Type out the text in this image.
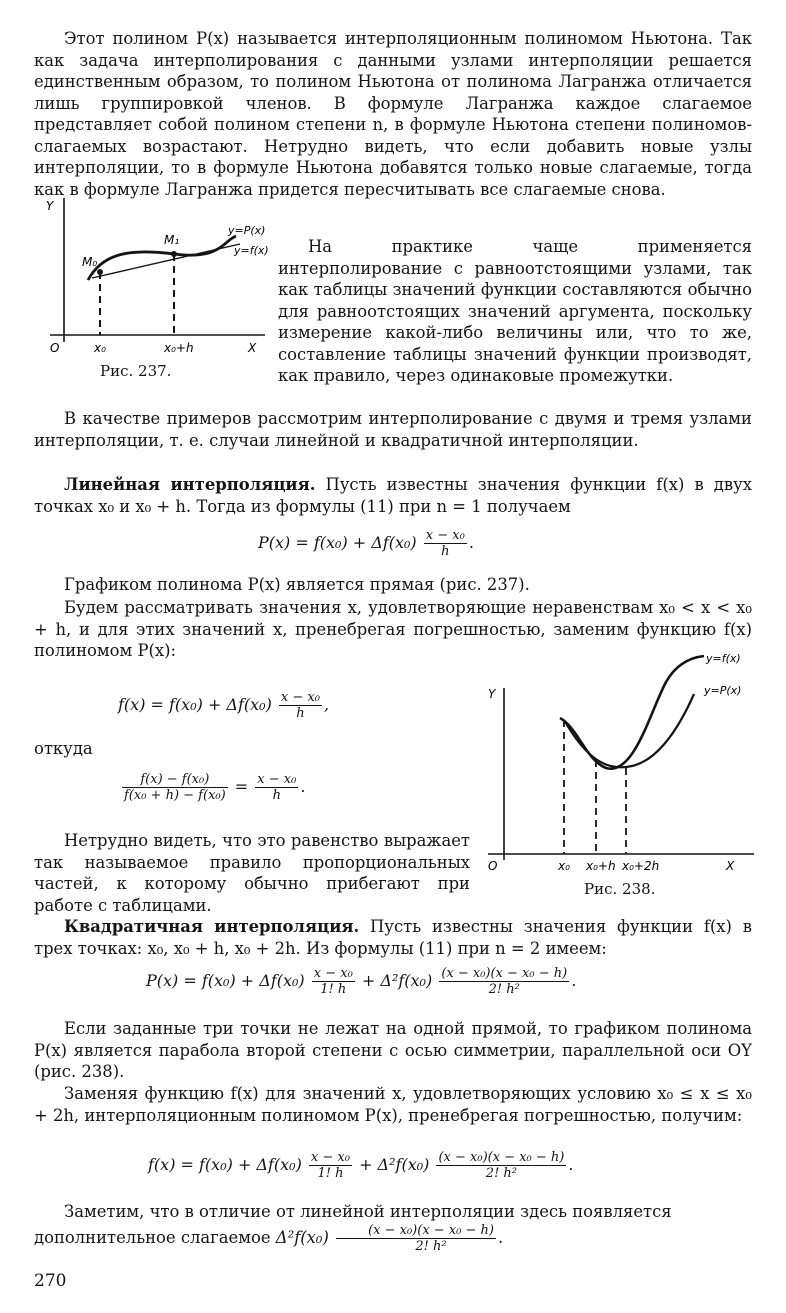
Этот полином P(x) называется интерполяционным полиномом Ньютона. Так как задача интерполирования с данными узлами интерполяции решается единственным образом, то полином Ньютона от полинома Лагранжа отличается лишь группировкой членов. В формуле Лагранжа каждое слагаемое представляет собой полином степени n, в формуле Ньютона степени полиномов-слагаемых возрастают. Нетрудно видеть, что если добавить новые узлы интерполяции, то в формуле Ньютона добавятся только новые слагаемые, тогда как в формуле Лагранжа придется пересчитывать все слагаемые снова.

Y
M₀
M₁
y=P(x)
y=f(x)
O	x₀	x₀+h	X
Рис. 237.

На практике чаще применяется интерполирование с равноотстоящими узлами, так как таблицы значений функции составляются обычно для равноотстоящих значений аргумента, поскольку измерение какой-либо величины или, что то же, составление таблицы значений функции производят, как правило, через одинаковые промежутки.

В качестве примеров рассмотрим интерполирование с двумя и тремя узлами интерполяции, т. е. случаи линейной и квадратичной интерполяции.

Линейная интерполяция. Пусть известны значения функции f(x) в двух точках x₀ и x₀ + h. Тогда из формулы (11) при n = 1 получаем

$P(x) = f(x_0) + \Delta f(x_0) \frac{\text{x − x₀}}{h}$ .

Графиком полинома P(x) является прямая (рис. 237).

Будем рассматривать значения x, удовлетворяющие неравенствам x₀ < x < x₀ + h, и для этих значений x, пренебрегая погрешностью, заменим функцию f(x) полиномом P(x):

$f(x) = f(x_0) + \Delta f(x_0) \frac{\text{x − x₀}}{h}$ ,

откуда

$\frac{\text{f(x) − f(x₀)}}{\text{f(x₀ + h) − f(x₀)}} = \frac{\text{x − x₀}}{h}$ .

Нетрудно видеть, что это равенство выражает так называемое правило пропорциональных частей, к которому обычно прибегают при работе с таблицами.

y=f(x)
y=P(x)
Y
O	x₀ x₀+h x₀+2h	X
Рис. 238.

Квадратичная интерполяция. Пусть известны значения функции f(x) в трех точках: x₀, x₀ + h, x₀ + 2h. Из формулы (11) при n = 2 имеем:

$P(x) = f(x_0) + \Delta f(x_0) \frac{\text{x − x₀}}{1! h} + \Delta^2f(x_0) \frac{\text{(x − x₀)(x − x₀ − h)}}{\text{2! h²}}$ .

Если заданные три точки не лежат на одной прямой, то графиком полинома P(x) является парабола второй степени с осью симметрии, параллельной оси OY (рис. 238).

Заменяя функцию f(x) для значений x, удовлетворяющих условию x₀ ≤ x ≤ x₀ + 2h, интерполяционным полиномом P(x), пренебрегая погрешностью, получим:

$f(x) = f(x_0) + \Delta f(x_0) \frac{\text{x − x₀}}{1! h} + \Delta^2f(x_0) \frac{\text{(x − x₀)(x − x₀ − h)}}{\text{2! h²}}$ .

Заметим, что в отличие от линейной интерполяции здесь появляется дополнительное слагаемое $\Delta^2f(x_0) \frac{\text{(x − x₀)(x − x₀ − h)}}{\text{2! h²}}$ .

270
